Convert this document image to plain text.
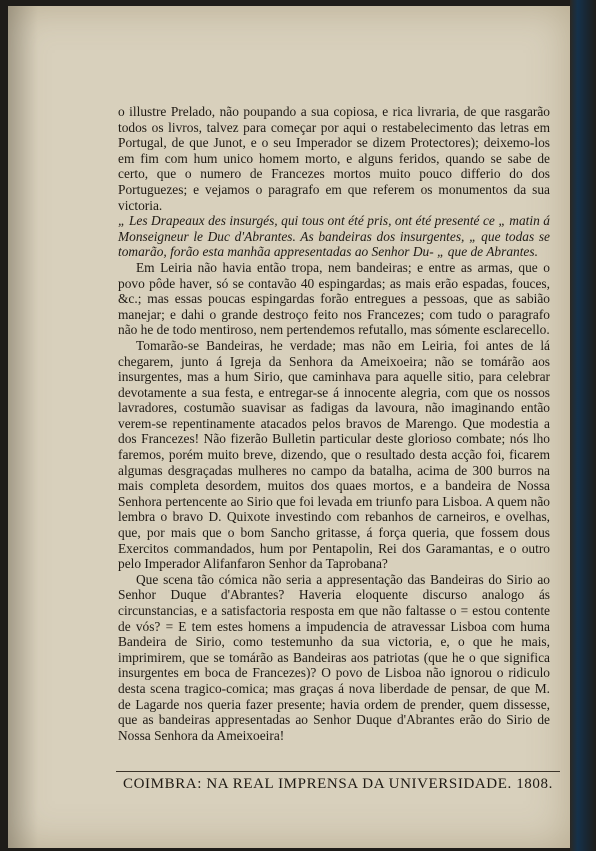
o illustre Prelado, não poupando a sua copiosa, e rica livraria, de que rasgarão todos os livros, talvez para começar por aqui o restabelecimento das letras em Portugal, de que Junot, e o seu Imperador se dizem Protectores); deixemo-los em fim com hum unico homem morto, e alguns feridos, quando se sabe de certo, que o numero de Francezes mortos muito pouco differio do dos Portuguezes; e vejamos o paragrafo em que referem os monumentos da sua victoria.

„ Les Drapeaux des insurgés, qui tous ont été pris, ont été presenté ce „ matin á Monseigneur le Duc d'Abrantes. As bandeiras dos insurgentes, „ que todas se tomarão, forão esta manhãa appresentadas ao Senhor Du- „ que de Abrantes.

Em Leiria não havia então tropa, nem bandeiras; e entre as armas, que o povo pôde haver, só se contavão 40 espingardas; as mais erão espadas, fouces, &c.; mas essas poucas espingardas forão entregues a pessoas, que as sabião manejar; e dahi o grande destroço feito nos Francezes; com tudo o paragrafo não he de todo mentiroso, nem pertendemos refutallo, mas sómente esclarecello.

Tomarão-se Bandeiras, he verdade; mas não em Leiria, foi antes de lá chegarem, junto á Igreja da Senhora da Ameixoeira; não se tomárão aos insurgentes, mas a hum Sirio, que caminhava para aquelle sitio, para celebrar devotamente a sua festa, e entregar-se á innocente alegria, com que os nossos lavradores, costumão suavisar as fadigas da lavoura, não imaginando então verem-se repentinamente atacados pelos bravos de Marengo. Que modestia a dos Francezes! Não fizerão Bulletin particular deste glorioso combate; nós lho faremos, porém muito breve, dizendo, que o resultado desta acção foi, ficarem algumas desgraçadas mulheres no campo da batalha, acima de 300 burros na mais completa desordem, muitos dos quaes mortos, e a bandeira de Nossa Senhora pertencente ao Sirio que foi levada em triunfo para Lisboa. A quem não lembra o bravo D. Quixote investindo com rebanhos de carneiros, e ovelhas, que, por mais que o bom Sancho gritasse, á força queria, que fossem dous Exercitos commandados, hum por Pentapolin, Rei dos Garamantas, e o outro pelo Imperador Alifanfaron Senhor da Taprobana?

Que scena tão cómica não seria a appresentação das Bandeiras do Sirio ao Senhor Duque d'Abrantes? Haveria eloquente discurso analogo ás circunstancias, e a satisfactoria resposta em que não faltasse o = estou contente de vós? = E tem estes homens a impudencia de atravessar Lisboa com huma Bandeira de Sirio, como testemunho da sua victoria, e, o que he mais, imprimirem, que se tomárão as Bandeiras aos patriotas (que he o que significa insurgentes em boca de Francezes)? O povo de Lisboa não ignorou o ridiculo desta scena tragico-comica; mas graças á nova liberdade de pensar, de que M. de Lagarde nos queria fazer presente; havia ordem de prender, quem dissesse, que as bandeiras appresentadas ao Senhor Duque d'Abrantes erão do Sirio de Nossa Senhora da Ameixoeira!

COIMBRA: NA REAL IMPRENSA DA UNIVERSIDADE. 1808.
